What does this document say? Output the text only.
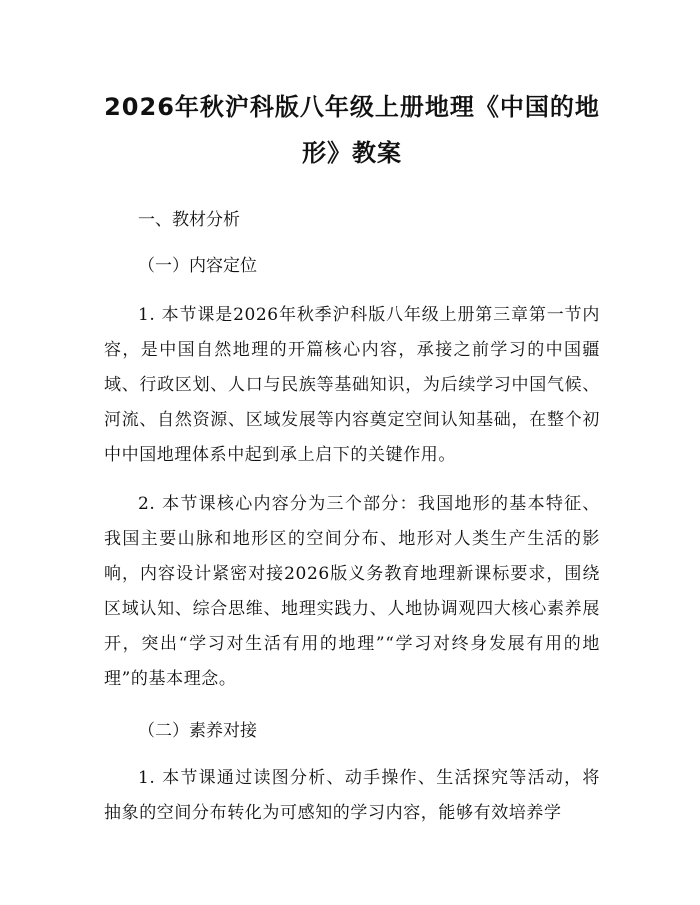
2026年秋沪科版八年级上册地理《中国的地形》教案
一、教材分析
（一）内容定位

1. 本节课是2026年秋季沪科版八年级上册第三章第一节内容，是中国自然地理的开篇核心内容，承接之前学习的中国疆域、行政区划、人口与民族等基础知识，为后续学习中国气候、河流、自然资源、区域发展等内容奠定空间认知基础，在整个初中中国地理体系中起到承上启下的关键作用。

2. 本节课核心内容分为三个部分：我国地形的基本特征、我国主要山脉和地形区的空间分布、地形对人类生产生活的影响，内容设计紧密对接2026版义务教育地理新课标要求，围绕区域认知、综合思维、地理实践力、人地协调观四大核心素养展开，突出“学习对生活有用的地理”“学习对终身发展有用的地理”的基本理念。

（二）素养对接

1. 本节课通过读图分析、动手操作、生活探究等活动，将抽象的空间分布转化为可感知的学习内容，能够有效培养学
